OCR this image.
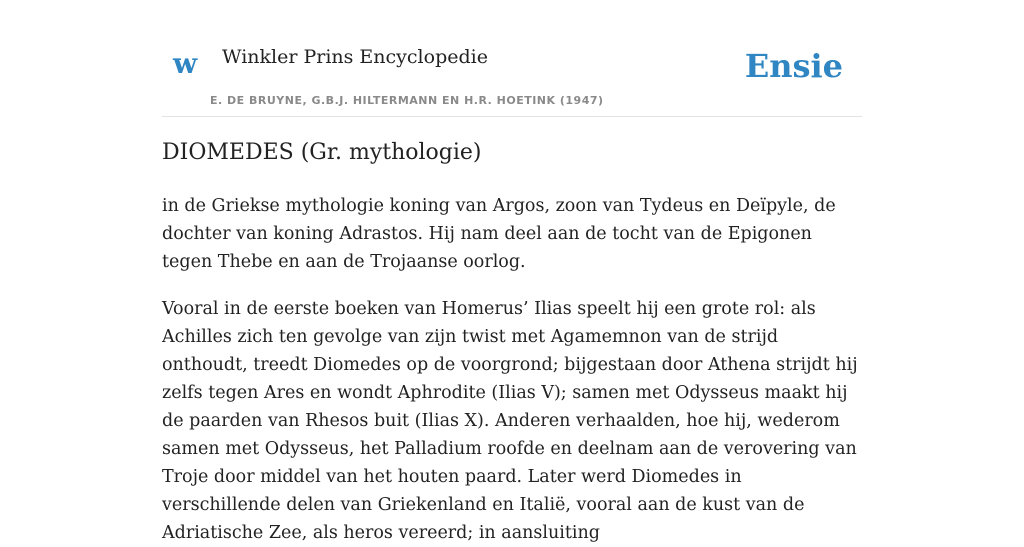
w Winkler Prins Encyclopedie
E. DE BRUYNE, G.B.J. HILTERMANN EN H.R. HOETINK (1947)
Ensie
DIOMEDES (Gr. mythologie)

in de Griekse mythologie koning van Argos, zoon van Tydeus en Deïpyle, de dochter van koning Adrastos. Hij nam deel aan de tocht van de Epigonen tegen Thebe en aan de Trojaanse oorlog.

Vooral in de eerste boeken van Homerus’ Ilias speelt hij een grote rol: als Achilles zich ten gevolge van zijn twist met Agamemnon van de strijd onthoudt, treedt Diomedes op de voorgrond; bijgestaan door Athena strijdt hij zelfs tegen Ares en wondt Aphrodite (Ilias V); samen met Odysseus maakt hij de paarden van Rhesos buit (Ilias X). Anderen verhaalden, hoe hij, wederom samen met Odysseus, het Palladium roofde en deelnam aan de verovering van Troje door middel van het houten paard. Later werd Diomedes in verschillende delen van Griekenland en Italië, vooral aan de kust van de Adriatische Zee, als heros vereerd; in aansluiting
